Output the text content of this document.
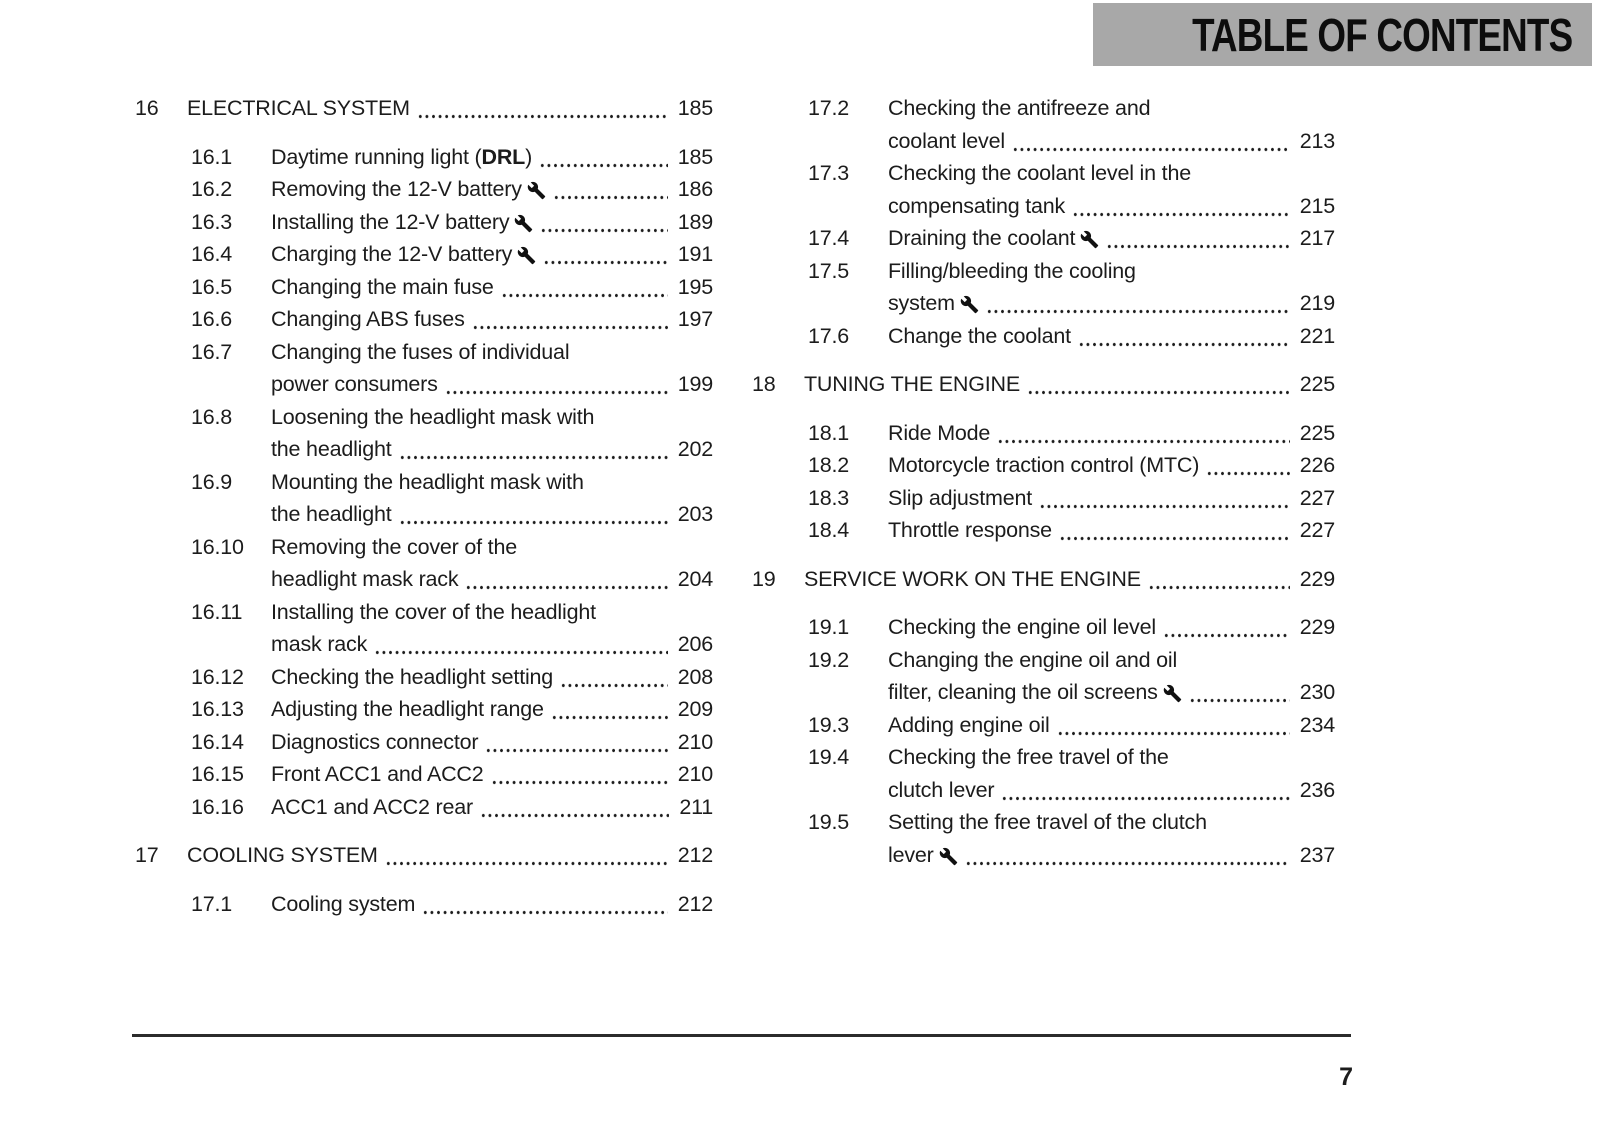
TABLE OF CONTENTS
16	ELECTRICAL SYSTEM	185
16.1	Daytime running light (DRL)	185
16.2	Removing the 12-V battery	186
16.3	Installing the 12-V battery	189
16.4	Charging the 12-V battery	191
16.5	Changing the main fuse	195
16.6	Changing ABS fuses	197
16.7	Changing the fuses of individual
power consumers	199
16.8	Loosening the headlight mask with
the headlight	202
16.9	Mounting the headlight mask with
the headlight	203
16.10	Removing the cover of the
headlight mask rack	204
16.11	Installing the cover of the headlight
mask rack	206
16.12	Checking the headlight setting	208
16.13	Adjusting the headlight range	209
16.14	Diagnostics connector	210
16.15	Front ACC1 and ACC2	210
16.16	ACC1 and ACC2 rear	211
17	COOLING SYSTEM	212
17.1	Cooling system	212
17.2	Checking the antifreeze and
coolant level	213
17.3	Checking the coolant level in the
compensating tank	215
17.4	Draining the coolant	217
17.5	Filling/bleeding the cooling
system	219
17.6	Change the coolant	221
18	TUNING THE ENGINE	225
18.1	Ride Mode	225
18.2	Motorcycle traction control (MTC)	226
18.3	Slip adjustment	227
18.4	Throttle response	227
19	SERVICE WORK ON THE ENGINE	229
19.1	Checking the engine oil level	229
19.2	Changing the engine oil and oil
filter, cleaning the oil screens	230
19.3	Adding engine oil	234
19.4	Checking the free travel of the
clutch lever	236
19.5	Setting the free travel of the clutch
lever	237
7
